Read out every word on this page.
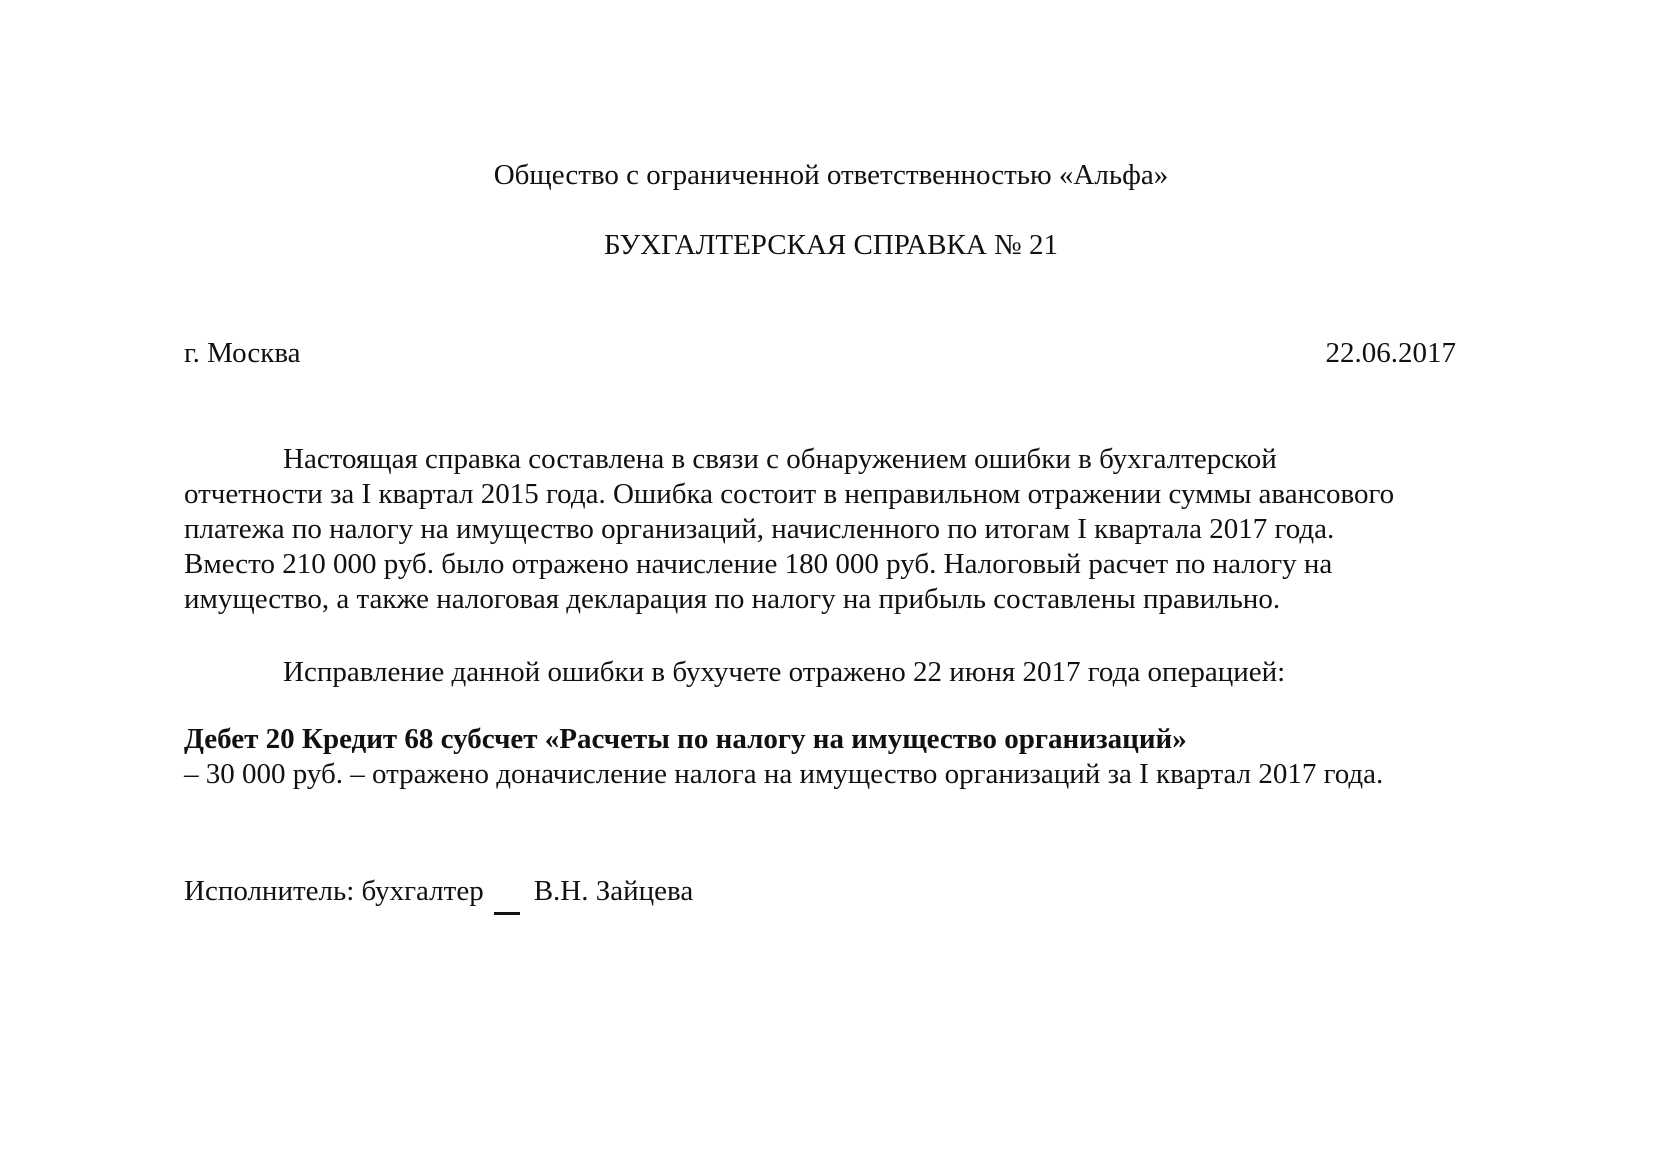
Общество с ограниченной ответственностью «Альфа»
БУХГАЛТЕРСКАЯ СПРАВКА № 21
г. Москва	22.06.2017
Настоящая справка составлена в связи с обнаружением ошибки в бухгалтерской
отчетности за I квартал 2015 года. Ошибка состоит в неправильном отражении суммы авансового
платежа по налогу на имущество организаций, начисленного по итогам I квартала 2017 года.
Вместо 210 000 руб. было отражено начисление 180 000 руб. Налоговый расчет по налогу на
имущество, а также налоговая декларация по налогу на прибыль составлены правильно.
Исправление данной ошибки в бухучете отражено 22 июня 2017 года операцией:
Дебет 20 Кредит 68 субсчет «Расчеты по налогу на имущество организаций»
– 30 000 руб. – отражено доначисление налога на имущество организаций за I квартал 2017 года.
Исполнитель: бухгалтер В.Н. Зайцева
